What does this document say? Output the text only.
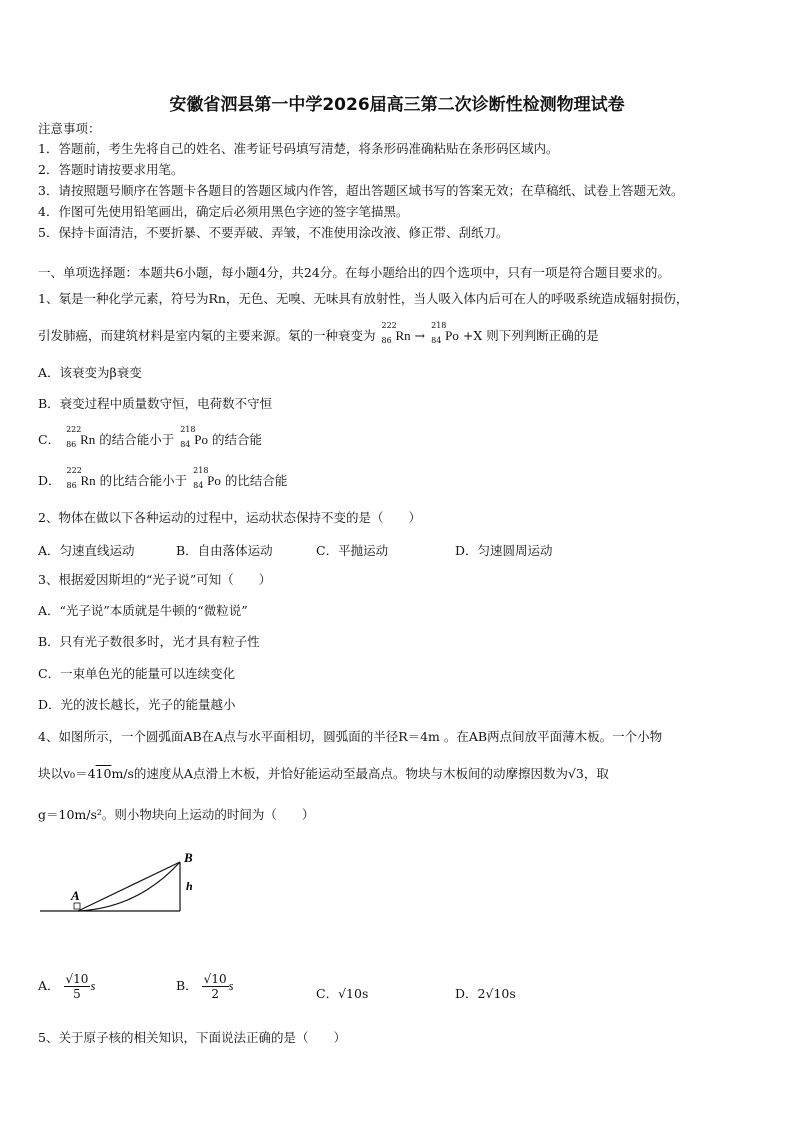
安徽省泗县第一中学2026届高三第二次诊断性检测物理试卷
注意事项：
1．答题前，考生先将自己的姓名、准考证号码填写清楚，将条形码准确粘贴在条形码区域内。
2．答题时请按要求用笔。
3．请按照题号顺序在答题卡各题目的答题区域内作答，超出答题区域书写的答案无效；在草稿纸、试卷上答题无效。
4．作图可先使用铅笔画出，确定后必须用黑色字迹的签字笔描黑。
5．保持卡面清洁，不要折暴、不要弄破、弄皱，不准使用涂改液、修正带、刮纸刀。
一、单项选择题：本题共6小题，每小题4分，共24分。在每小题给出的四个选项中，只有一项是符合题目要求的。
1、氡是一种化学元素，符号为Rn，无色、无嗅、无味具有放射性，当人吸入体内后可在人的呼吸系统造成辐射损伤，
引发肺癌，而建筑材料是室内氡的主要来源。氡的一种衰变为
222
86 Rn →
218
84 Po +X 则下列判断正确的是
A．该衰变为β衰变
B．衰变过程中质量数守恒，电荷数不守恒
C．
222
86 Rn 的结合能小于
218
84 Po 的结合能
D．
222
86 Rn 的比结合能小于
218
84 Po 的比结合能
2、物体在做以下各种运动的过程中，运动状态保持不变的是（　　）
A．匀速直线运动	B．自由落体运动	C．平抛运动	D．匀速圆周运动
3、根据爱因斯坦的“光子说”可知（　　）
A．“光子说”本质就是牛顿的“微粒说”
B．只有光子数很多时，光才具有粒子性
C．一束单色光的能量可以连续变化
D．光的波长越长，光子的能量越小
4、如图所示，一个圆弧面AB在A点与水平面相切，圆弧面的半径R＝4m 。在AB两点间放平面薄木板。一个小物
块以v₀＝410m/s的速度从A点滑上木板，并恰好能运动至最高点。物块与木板间的动摩擦因数为√3，取
g＝10m/s²。则小物块向上运动的时间为（　　）
A
B
h
A． $\frac{√10}{5}$ s	B． $\frac{√10}{2}$ s	C．√10s	D．2√10s
5、关于原子核的相关知识，下面说法正确的是（　　）
